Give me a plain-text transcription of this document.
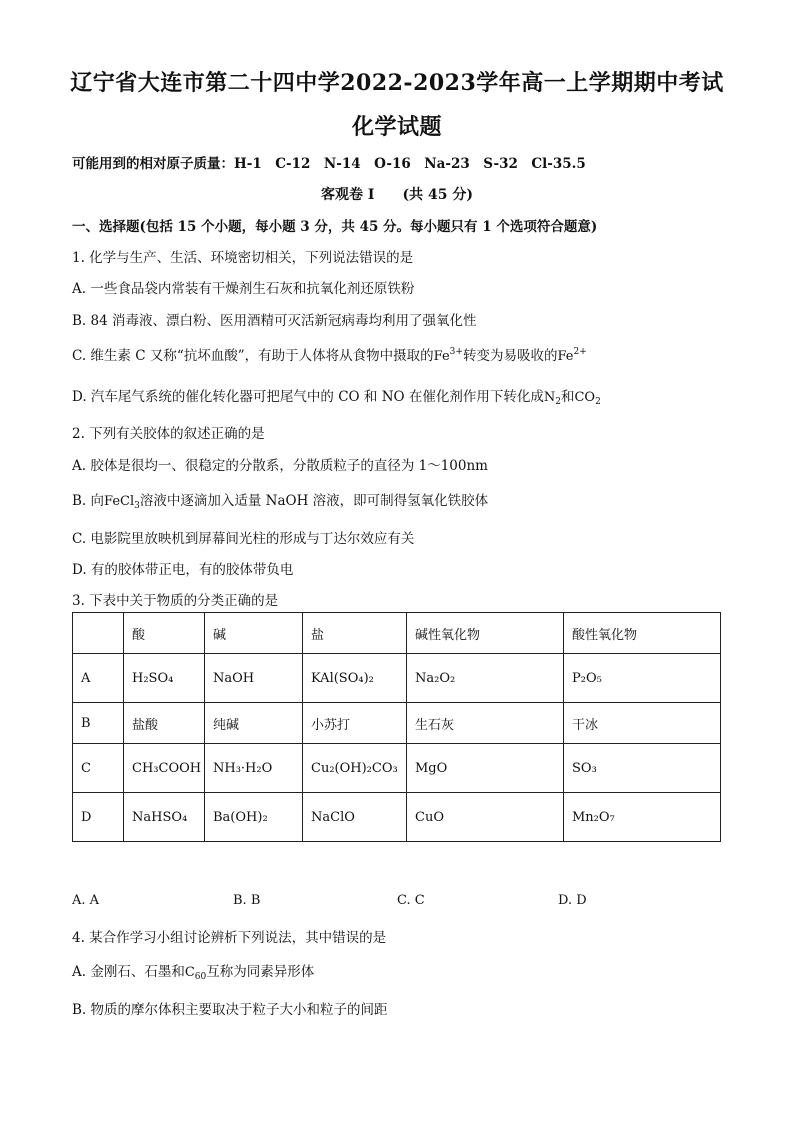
辽宁省大连市第二十四中学2022-2023学年高一上学期期中考试
化学试题
可能用到的相对原子质量：H-1　C-12　N-14　O-16　Na-23　S-32　Cl-35.5
客观卷 I　　(共 45 分)
一、选择题(包括 15 个小题，每小题 3 分，共 45 分。每小题只有 1 个选项符合题意)
1. 化学与生产、生活、环境密切相关，下列说法错误的是
A. 一些食品袋内常装有干燥剂生石灰和抗氧化剂还原铁粉
B. 84 消毒液、漂白粉、医用酒精可灭活新冠病毒均利用了强氧化性
C. 维生素 C 又称“抗坏血酸”，有助于人体将从食物中摄取的$Fe^{3+}$转变为易吸收的$Fe^{2+}$
D. 汽车尾气系统的催化转化器可把尾气中的 CO 和 NO 在催化剂作用下转化成$N_2$和$CO_2$
2. 下列有关胶体的叙述正确的是
A. 胶体是很均一、很稳定的分散系，分散质粒子的直径为 1～100nm
B. 向FeCl$_3$溶液中逐滴加入适量 NaOH 溶液，即可制得氢氧化铁胶体
C. 电影院里放映机到屏幕间光柱的形成与丁达尔效应有关
D. 有的胶体带正电，有的胶体带负电
3. 下表中关于物质的分类正确的是
	酸	碱	盐	碱性氧化物	酸性氧化物
A	H₂SO₄	NaOH	KAl(SO₄)₂	Na₂O₂	P₂O₅
B	盐酸	纯碱	小苏打	生石灰	干冰
C	CH₃COOH	NH₃·H₂O	Cu₂(OH)₂CO₃	MgO	SO₃
D	NaHSO₄	Ba(OH)₂	NaClO	CuO	Mn₂O₇
A. A	B. B	C. C	D. D
4. 某合作学习小组讨论辨析下列说法，其中错误的是
A. 金刚石、石墨和$C_{60}$互称为同素异形体
B. 物质的摩尔体积主要取决于粒子大小和粒子的间距
